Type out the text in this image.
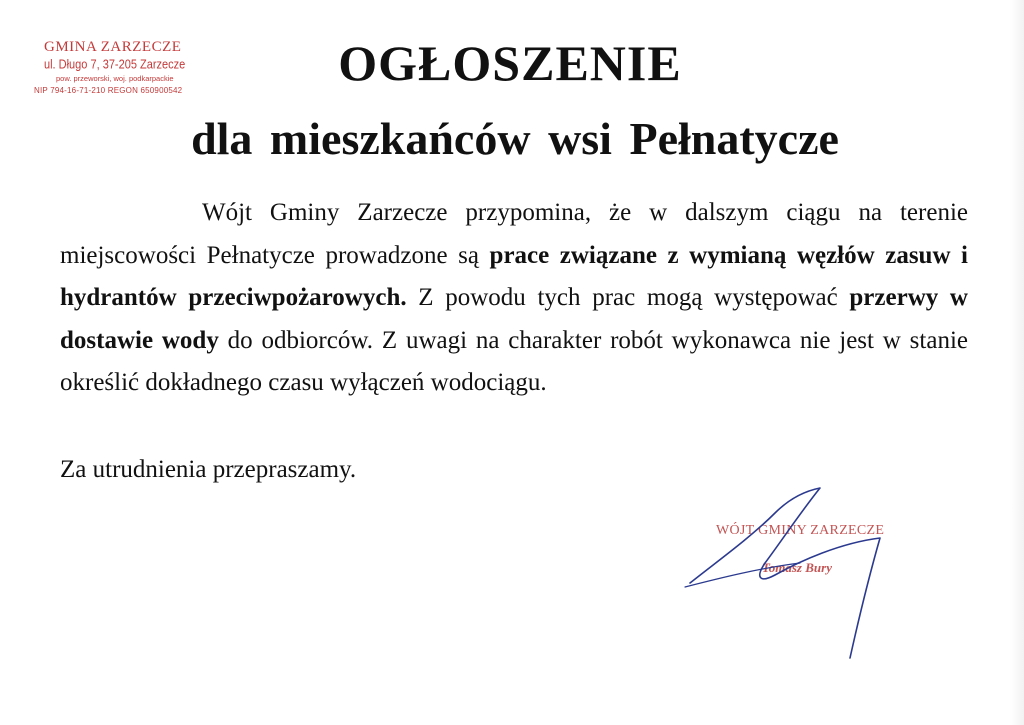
GMINA ZARZECZE
ul. Długo 7, 37-205 Zarzecze
pow. przeworski, woj. podkarpackie
NIP 794-16-71-210 REGON 650900542	OGŁOSZENIE
dla mieszkańców wsi Pełnatycze

Wójt Gminy Zarzecze przypomina, że w dalszym ciągu na terenie miejscowości Pełnatycze prowadzone są prace związane z wymianą węzłów zasuw i hydrantów przeciwpożarowych. Z powodu tych prac mogą występować przerwy w dostawie wody do odbiorców. Z uwagi na charakter robót wykonawca nie jest w stanie określić dokładnego czasu wyłączeń wodociągu.

Za utrudnienia przepraszamy.

WÓJT GMINY ZARZECZE
Tomasz Bury
